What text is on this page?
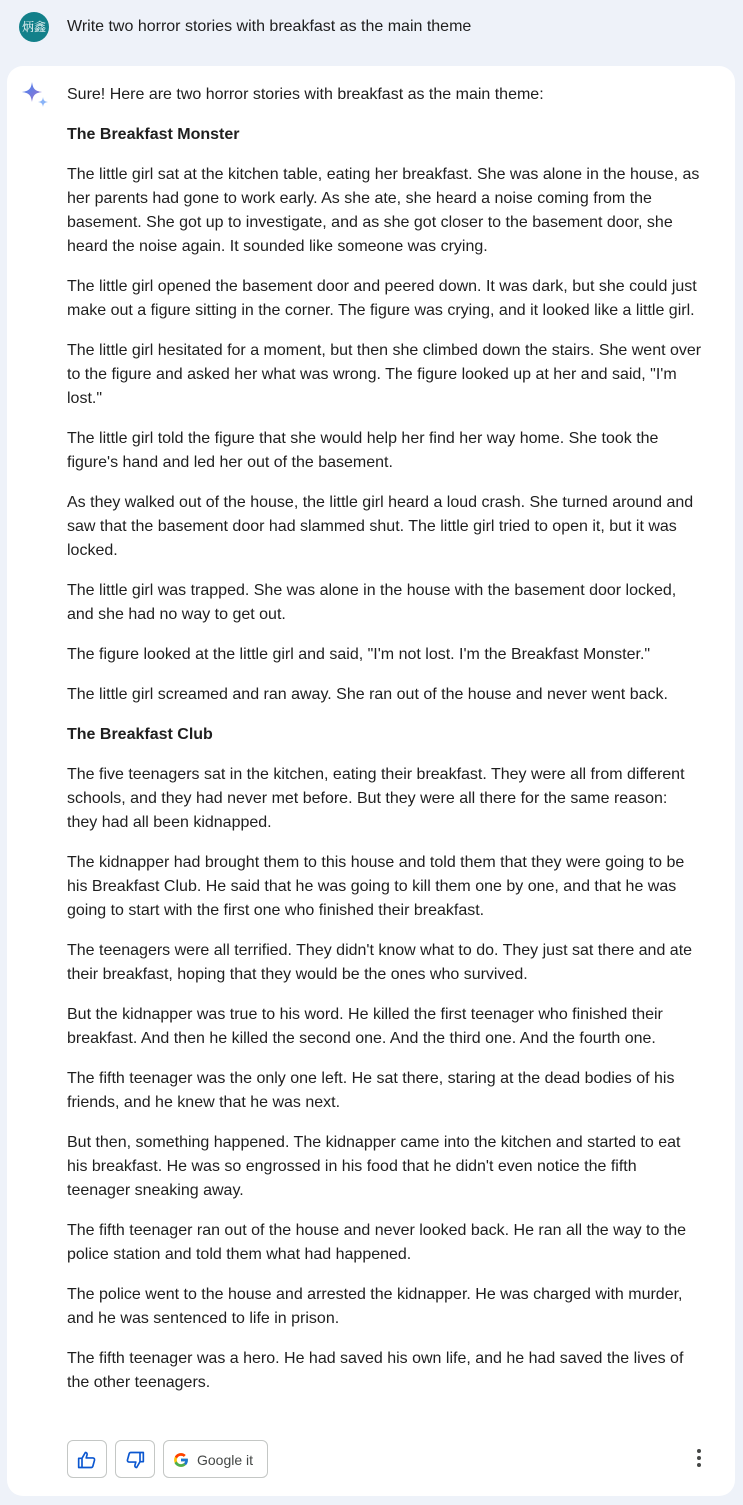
炳鑫 Write two horror stories with breakfast as the main theme

Sure! Here are two horror stories with breakfast as the main theme:

The Breakfast Monster

The little girl sat at the kitchen table, eating her breakfast. She was alone in the house, as her parents had gone to work early. As she ate, she heard a noise coming from the basement. She got up to investigate, and as she got closer to the basement door, she heard the noise again. It sounded like someone was crying.

The little girl opened the basement door and peered down. It was dark, but she could just make out a figure sitting in the corner. The figure was crying, and it looked like a little girl.

The little girl hesitated for a moment, but then she climbed down the stairs. She went over to the figure and asked her what was wrong. The figure looked up at her and said, "I'm lost."

The little girl told the figure that she would help her find her way home. She took the figure's hand and led her out of the basement.

As they walked out of the house, the little girl heard a loud crash. She turned around and saw that the basement door had slammed shut. The little girl tried to open it, but it was locked.

The little girl was trapped. She was alone in the house with the basement door locked, and she had no way to get out.

The figure looked at the little girl and said, "I'm not lost. I'm the Breakfast Monster."

The little girl screamed and ran away. She ran out of the house and never went back.

The Breakfast Club

The five teenagers sat in the kitchen, eating their breakfast. They were all from different schools, and they had never met before. But they were all there for the same reason: they had all been kidnapped.

The kidnapper had brought them to this house and told them that they were going to be his Breakfast Club. He said that he was going to kill them one by one, and that he was going to start with the first one who finished their breakfast.

The teenagers were all terrified. They didn't know what to do. They just sat there and ate their breakfast, hoping that they would be the ones who survived.

But the kidnapper was true to his word. He killed the first teenager who finished their breakfast. And then he killed the second one. And the third one. And the fourth one.

The fifth teenager was the only one left. He sat there, staring at the dead bodies of his friends, and he knew that he was next.

But then, something happened. The kidnapper came into the kitchen and started to eat his breakfast. He was so engrossed in his food that he didn't even notice the fifth teenager sneaking away.

The fifth teenager ran out of the house and never looked back. He ran all the way to the police station and told them what had happened.

The police went to the house and arrested the kidnapper. He was charged with murder, and he was sentenced to life in prison.

The fifth teenager was a hero. He had saved his own life, and he had saved the lives of the other teenagers.

Google it
